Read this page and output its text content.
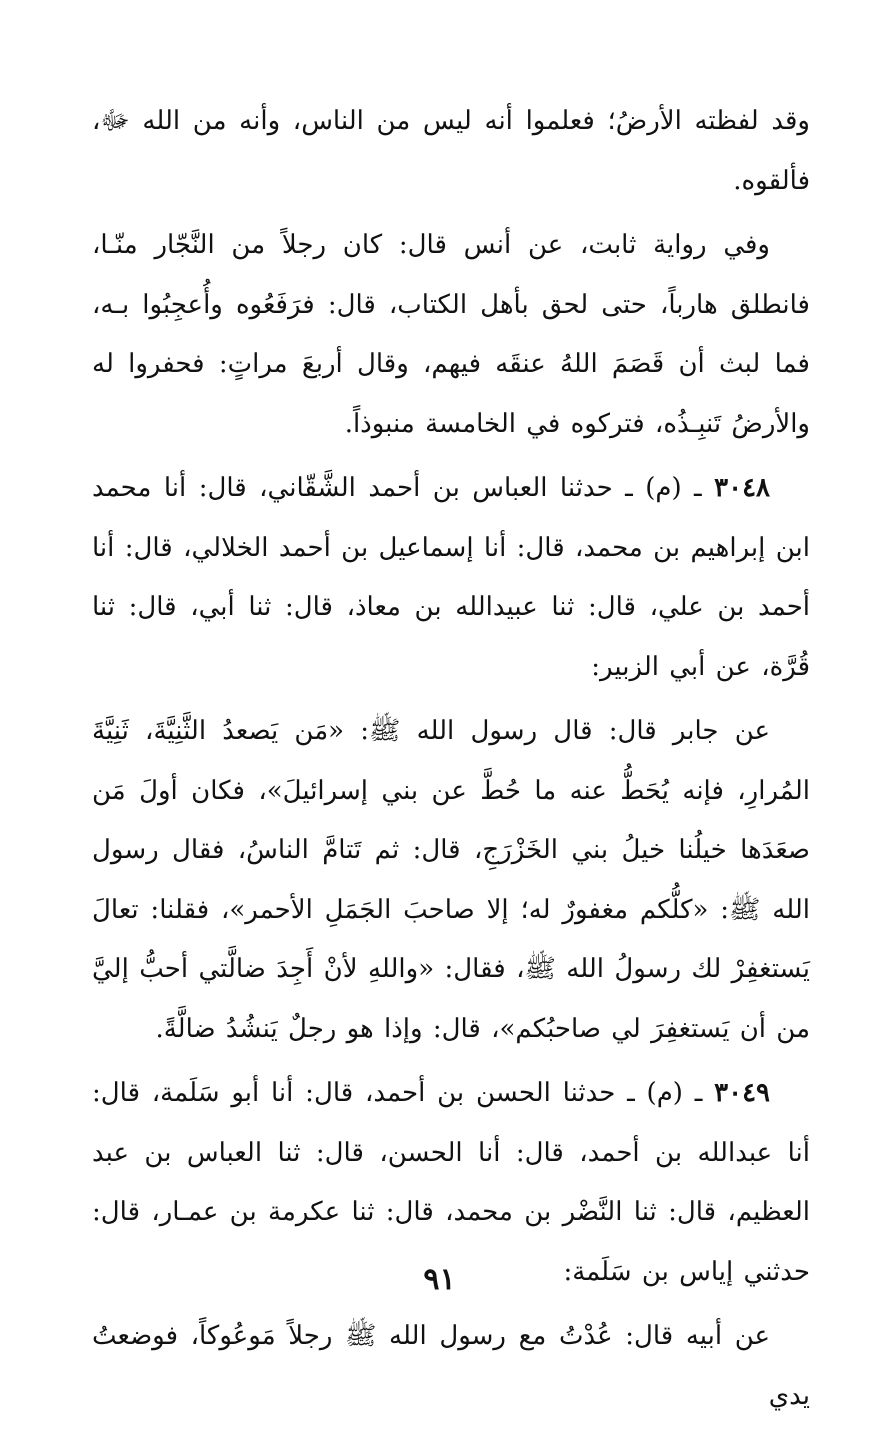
وقد لفظته الأرضُ؛ فعلموا أنه ليس من الناس، وأنه من الله ﷻ، فألقوه.

وفي رواية ثابت، عن أنس قال: كان رجلاً من النَّجّار منّـا، فانطلق هارباً، حتى لحق بأهل الكتاب، قال: فرَفَعُوه وأُعجِبُوا بـه، فما لبث أن قَصَمَ اللهُ عنقَه فيهم، وقال أربعَ مراتٍ: فحفروا له والأرضُ تَنبِـذُه، فتركوه في الخامسة منبوذاً.

٣٠٤٨ ـ (م) ـ حدثنا العباس بن أحمد الشَّقّاني، قال: أنا محمد ابن إبراهيم بن محمد، قال: أنا إسماعيل بن أحمد الخلالي، قال: أنا أحمد بن علي، قال: ثنا عبيدالله بن معاذ، قال: ثنا أبي، قال: ثنا قُرَّة، عن أبي الزبير:

عن جابر قال: قال رسول الله ﷺ: «مَن يَصعدُ الثَّنِيَّةَ، ثَنِيَّةَ المُرارِ، فإنه يُحَطُّ عنه ما حُطَّ عن بني إسرائيلَ»، فكان أولَ مَن صعَدَها خيلُنا خيلُ بني الخَزْرَجِ، قال: ثم تَتامَّ الناسُ، فقال رسول الله ﷺ: «كلُّكم مغفورٌ له؛ إلا صاحبَ الجَمَلِ الأحمر»، فقلنا: تعالَ يَستغفِرْ لك رسولُ الله ﷺ، فقال: «واللهِ لأنْ أَجِدَ ضالَّتي أحبُّ إليَّ من أن يَستغفِرَ لي صاحبُكم»، قال: وإذا هو رجلٌ يَنشُدُ ضالَّةً.

٣٠٤٩ ـ (م) ـ حدثنا الحسن بن أحمد، قال: أنا أبو سَلَمة، قال: أنا عبدالله بن أحمد، قال: أنا الحسن، قال: ثنا العباس بن عبد العظيم، قال: ثنا النَّضْر بن محمد، قال: ثنا عكرمة بن عمـار، قال: حدثني إياس بن سَلَمة:

عن أبيه قال: عُدْتُ مع رسول الله ﷺ رجلاً مَوعُوكاً، فوضعتُ يدي

٩١
